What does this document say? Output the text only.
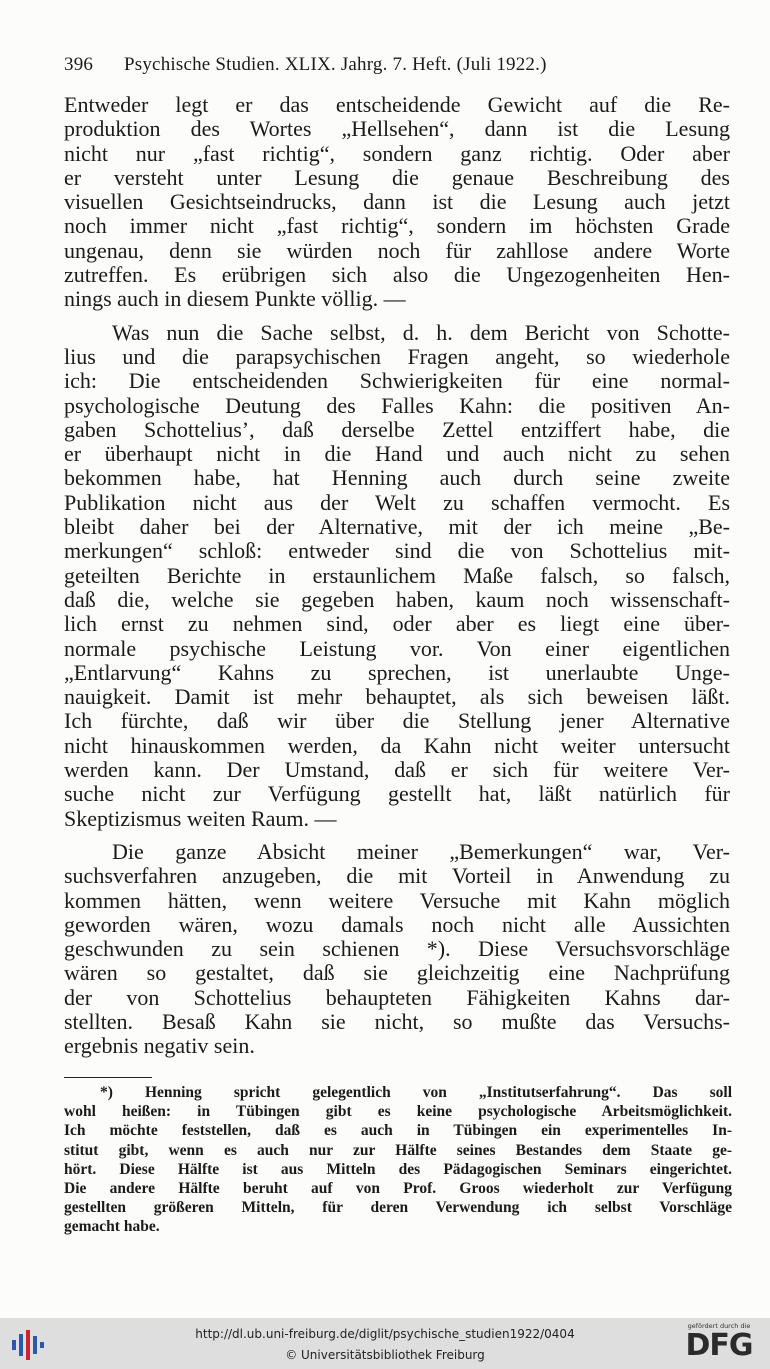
396 Psychische Studien. XLIX. Jahrg. 7. Heft. (Juli 1922.)

Entweder legt er das entscheidende Gewicht auf die Re-
produktion des Wortes „Hellsehen“, dann ist die Lesung
nicht nur „fast richtig“, sondern ganz richtig. Oder aber
er versteht unter Lesung die genaue Beschreibung des
visuellen Gesichtseindrucks, dann ist die Lesung auch jetzt
noch immer nicht „fast richtig“, sondern im höchsten Grade
ungenau, denn sie würden noch für zahllose andere Worte
zutreffen. Es erübrigen sich also die Ungezogenheiten Hen-
nings auch in diesem Punkte völlig. —

Was nun die Sache selbst, d. h. dem Bericht von Schotte-
lius und die parapsychischen Fragen angeht, so wiederhole
ich: Die entscheidenden Schwierigkeiten für eine normal-
psychologische Deutung des Falles Kahn: die positiven An-
gaben Schottelius’, daß derselbe Zettel entziffert habe, die
er überhaupt nicht in die Hand und auch nicht zu sehen
bekommen habe, hat Henning auch durch seine zweite
Publikation nicht aus der Welt zu schaffen vermocht. Es
bleibt daher bei der Alternative, mit der ich meine „Be-
merkungen“ schloß: entweder sind die von Schottelius mit-
geteilten Berichte in erstaunlichem Maße falsch, so falsch,
daß die, welche sie gegeben haben, kaum noch wissenschaft-
lich ernst zu nehmen sind, oder aber es liegt eine über-
normale psychische Leistung vor. Von einer eigentlichen
„Entlarvung“ Kahns zu sprechen, ist unerlaubte Unge-
nauigkeit. Damit ist mehr behauptet, als sich beweisen läßt.
Ich fürchte, daß wir über die Stellung jener Alternative
nicht hinauskommen werden, da Kahn nicht weiter untersucht
werden kann. Der Umstand, daß er sich für weitere Ver-
suche nicht zur Verfügung gestellt hat, läßt natürlich für
Skeptizismus weiten Raum. —

Die ganze Absicht meiner „Bemerkungen“ war, Ver-
suchsverfahren anzugeben, die mit Vorteil in Anwendung zu
kommen hätten, wenn weitere Versuche mit Kahn möglich
geworden wären, wozu damals noch nicht alle Aussichten
geschwunden zu sein schienen *). Diese Versuchsvorschläge
wären so gestaltet, daß sie gleichzeitig eine Nachprüfung
der von Schottelius behaupteten Fähigkeiten Kahns dar-
stellten. Besaß Kahn sie nicht, so mußte das Versuchs-
ergebnis negativ sein.

*) Henning spricht gelegentlich von „Institutserfahrung“. Das soll
wohl heißen: in Tübingen gibt es keine psychologische Arbeitsmöglichkeit.
Ich möchte feststellen, daß es auch in Tübingen ein experimentelles In-
stitut gibt, wenn es auch nur zur Hälfte seines Bestandes dem Staate ge-
hört. Diese Hälfte ist aus Mitteln des Pädagogischen Seminars eingerichtet.
Die andere Hälfte beruht auf von Prof. Groos wiederholt zur Verfügung
gestellten größeren Mitteln, für deren Verwendung ich selbst Vorschläge
gemacht habe.
http://dl.ub.uni-freiburg.de/diglit/psychische_studien1922/0404
© Universitätsbibliothek Freiburg
gefördert durch die
DFG
